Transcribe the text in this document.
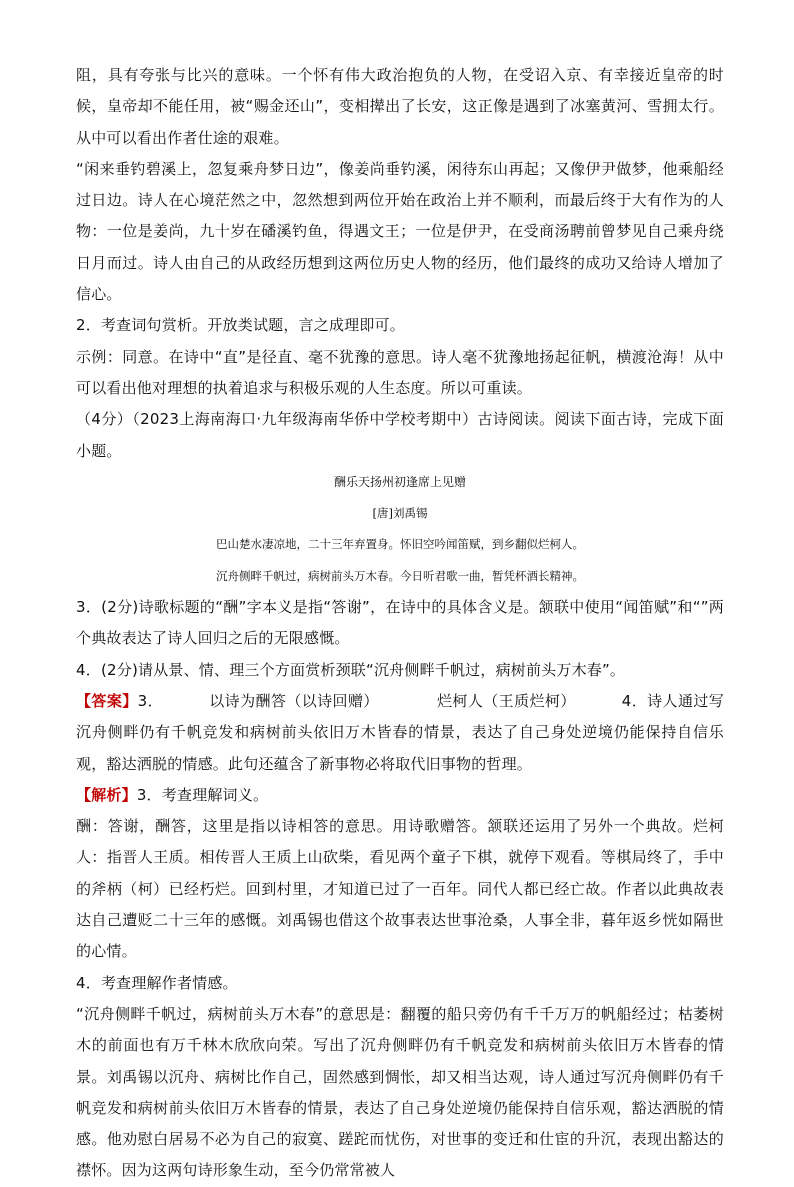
阻，具有夸张与比兴的意味。一个怀有伟大政治抱负的人物，在受诏入京、有幸接近皇帝的时候，皇帝却不能任用，被“赐金还山”，变相撵出了长安，这正像是遇到了冰塞黄河、雪拥太行。从中可以看出作者仕途的艰难。

“闲来垂钓碧溪上，忽复乘舟梦日边”，像姜尚垂钓溪，闲待东山再起；又像伊尹做梦，他乘船经过日边。诗人在心境茫然之中，忽然想到两位开始在政治上并不顺利，而最后终于大有作为的人物：一位是姜尚，九十岁在磻溪钓鱼，得遇文王；一位是伊尹，在受商汤聘前曾梦见自己乘舟绕日月而过。诗人由自己的从政经历想到这两位历史人物的经历，他们最终的成功又给诗人增加了信心。

2．考查词句赏析。开放类试题，言之成理即可。

示例：同意。在诗中“直”是径直、毫不犹豫的意思。诗人毫不犹豫地扬起征帆，横渡沧海！从中可以看出他对理想的执着追求与积极乐观的人生态度。所以可重读。

（4分）（2023上海南海口·九年级海南华侨中学校考期中）古诗阅读。阅读下面古诗，完成下面小题。

酬乐天扬州初逢席上见赠

[唐]刘禹锡

巴山楚水凄凉地，二十三年弃置身。怀旧空吟闻笛赋，到乡翻似烂柯人。

沉舟侧畔千帆过，病树前头万木春。今日听君歌一曲，暂凭杯酒长精神。

3．(2分)诗歌标题的“酬”字本义是指“答谢”，在诗中的具体含义是。颔联中使用“闻笛赋”和“”两个典故表达了诗人回归之后的无限感慨。

4．(2分)请从景、情、理三个方面赏析颈联“沉舟侧畔千帆过，病树前头万木春”。

【答案】3．	以诗为酬答（以诗回赠）	烂柯人（王质烂柯）	4．诗人通过写沉舟侧畔仍有千帆竞发和病树前头依旧万木皆春的情景，表达了自己身处逆境仍能保持自信乐观，豁达洒脱的情感。此句还蕴含了新事物必将取代旧事物的哲理。

【解析】3．考查理解词义。

酬：答谢，酬答，这里是指以诗相答的意思。用诗歌赠答。颔联还运用了另外一个典故。烂柯人：指晋人王质。相传晋人王质上山砍柴，看见两个童子下棋，就停下观看。等棋局终了，手中的斧柄（柯）已经朽烂。回到村里，才知道已过了一百年。同代人都已经亡故。作者以此典故表达自己遭贬二十三年的感慨。刘禹锡也借这个故事表达世事沧桑，人事全非，暮年返乡恍如隔世的心情。

4．考查理解作者情感。

“沉舟侧畔千帆过，病树前头万木春”的意思是：翻覆的船只旁仍有千千万万的帆船经过；枯萎树木的前面也有万千林木欣欣向荣。写出了沉舟侧畔仍有千帆竞发和病树前头依旧万木皆春的情景。刘禹锡以沉舟、病树比作自己，固然感到惆怅，却又相当达观，诗人通过写沉舟侧畔仍有千帆竞发和病树前头依旧万木皆春的情景，表达了自己身处逆境仍能保持自信乐观，豁达洒脱的情感。他劝慰白居易不必为自己的寂寞、蹉跎而忧伤，对世事的变迁和仕宦的升沉，表现出豁达的襟怀。因为这两句诗形象生动，至今仍常常被人
